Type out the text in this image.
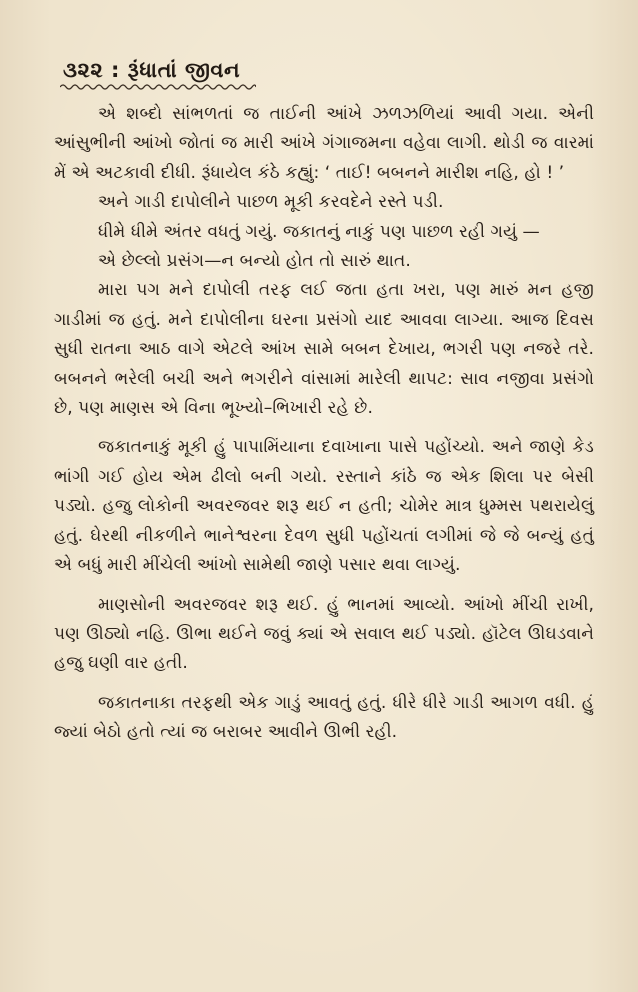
૩૨૨ : રૂંધાતાં જીવન

એ શબ્દો સાંભળતાં જ તાઈની આંખે ઝળઝળિયાં આવી ગયા. એની આંસુભીની આંખો જોતાં જ મારી આંખે ગંગાજમના વહેવા લાગી. થોડી જ વારમાં મેં એ અટકાવી દીધી. રૂંધાયેલ કંઠે કહ્યું: ‘ તાઈ! બબનને મારીશ નહિ, હો ! ’

અને ગાડી દાપોલીને પાછળ મૂકી કરવદેને રસ્તે પડી.

ધીમે ધીમે અંતર વધતું ગયું. જકાતનું નાકું પણ પાછળ રહી ગયું —

એ છેલ્લો પ્રસંગ—ન બન્યો હોત તો સારું થાત.

મારા પગ મને દાપોલી તરફ લઈ જતા હતા ખરા, પણ મારું મન હજી ગાડીમાં જ હતું. મને દાપોલીના ઘરના પ્રસંગો યાદ આવવા લાગ્યા. આજ દિવસ સુધી રાતના આઠ વાગે એટલે આંખ સામે બબન દેખાય, ભગરી પણ નજરે તરે. બબનને ભરેલી બચી અને ભગરીને વાંસામાં મારેલી થાપટ: સાવ નજીવા પ્રસંગો છે, પણ માણસ એ વિના ભૂખ્યો–ભિખારી રહે છે.

જકાતનાકું મૂકી હું પાપામિંયાના દવાખાના પાસે પહોંચ્યો. અને જાણે કેડ ભાંગી ગઈ હોય એમ ઢીલો બની ગયો. રસ્તાને કાંઠે જ એક શિલા પર બેસી પડ્યો. હજુ લોકોની અવરજવર શરૂ થઈ ન હતી; ચોમેર માત્ર ધુમ્મસ પથરાયેલું હતું. ઘેરથી નીકળીને ભાનેશ્વરના દેવળ સુધી પહોંચતાં લગીમાં જે જે બન્યું હતું એ બધું મારી મીંચેલી આંખો સામેથી જાણે પસાર થવા લાગ્યું.

માણસોની અવરજવર શરૂ થઈ. હું ભાનમાં આવ્યો. આંખો મીંચી રાખી, પણ ઊઠ્યો નહિ. ઊભા થઈને જવું ક્યાં એ સવાલ થઈ પડ્યો. હૉટેલ ઊઘડવાને હજુ ઘણી વાર હતી.

જકાતનાકા તરફથી એક ગાડું આવતું હતું. ધીરે ધીરે ગાડી આગળ વધી. હું જ્યાં બેઠો હતો ત્યાં જ બરાબર આવીને ઊભી રહી.
